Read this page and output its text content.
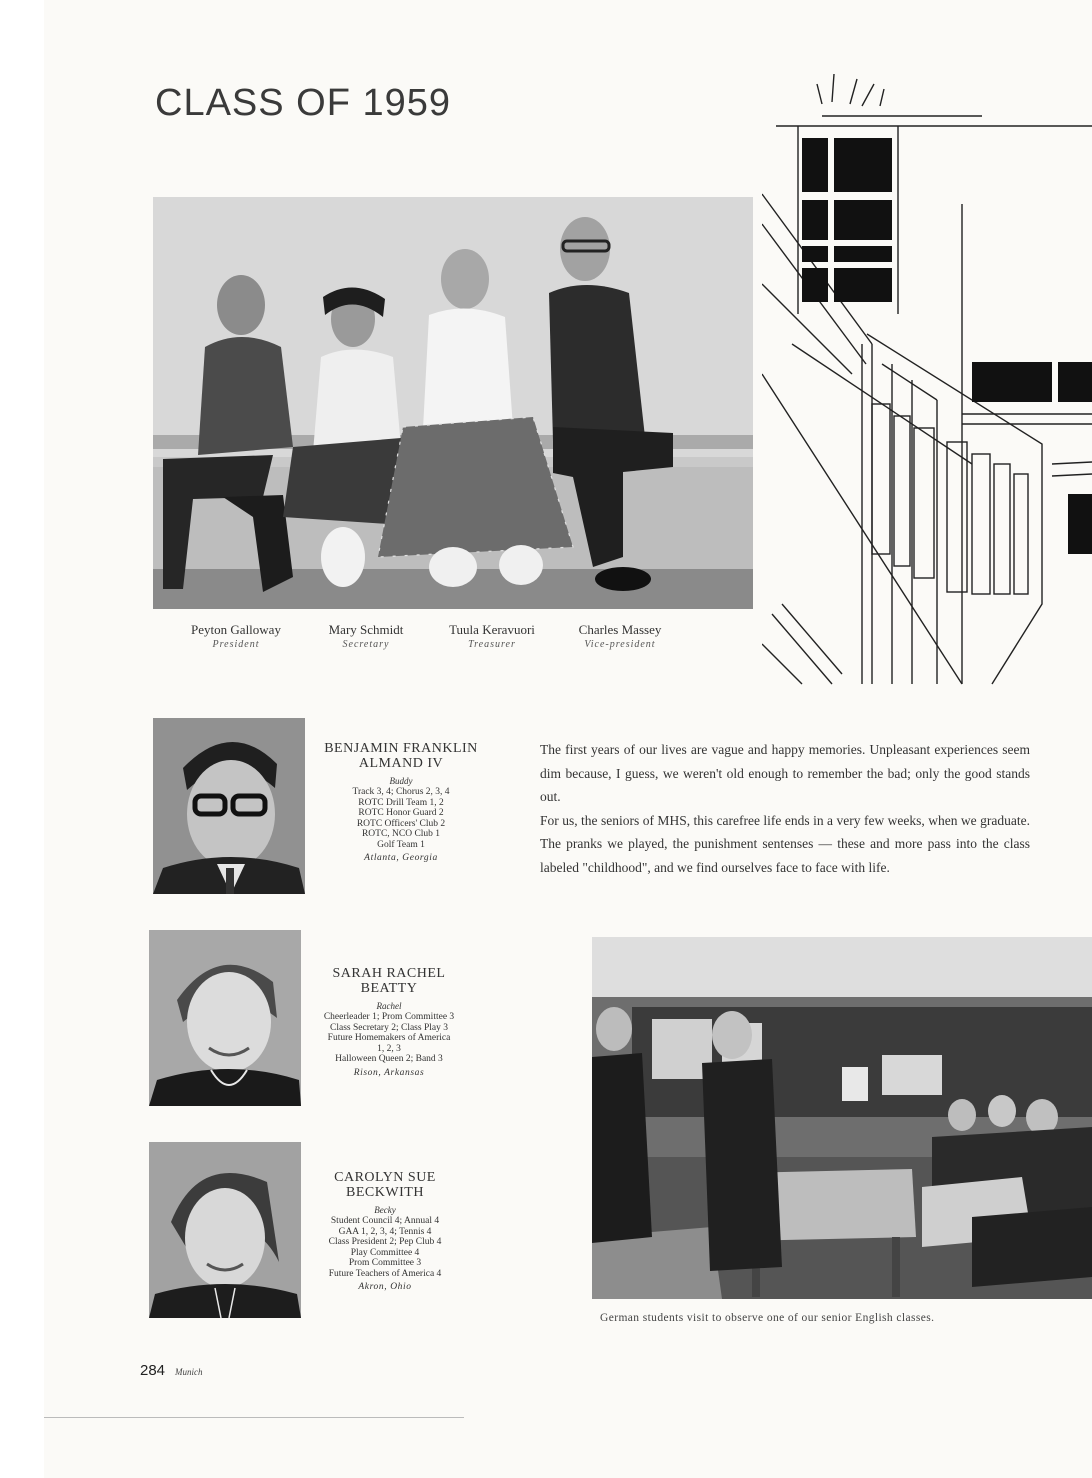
CLASS OF 1959
Peyton Galloway
President
Mary Schmidt
Secretary
Tuula Keravuori
Treasurer
Charles Massey
Vice-president
BENJAMIN FRANKLIN
ALMAND IV
Buddy
Track 3, 4; Chorus 2, 3, 4
ROTC Drill Team 1, 2
ROTC Honor Guard 2
ROTC Officers' Club 2
ROTC, NCO Club 1
Golf Team 1
Atlanta, Georgia
SARAH RACHEL
BEATTY
Rachel
Cheerleader 1; Prom Committee 3
Class Secretary 2; Class Play 3
Future Homemakers of America
1, 2, 3
Halloween Queen 2; Band 3
Rison, Arkansas
CAROLYN SUE
BECKWITH
Becky
Student Council 4; Annual 4
GAA 1, 2, 3, 4; Tennis 4
Class President 2; Pep Club 4
Play Committee 4
Prom Committee 3
Future Teachers of America 4
Akron, Ohio

The first years of our lives are vague and happy memories. Unpleasant experiences seem dim because, I guess, we weren't old enough to remember the bad; only the good stands out.

For us, the seniors of MHS, this carefree life ends in a very few weeks, when we graduate. The pranks we played, the punishment sentenses — these and more pass into the class labeled "childhood", and we find ourselves face to face with life.

German students visit to observe one of our senior English classes.
284 Munich
